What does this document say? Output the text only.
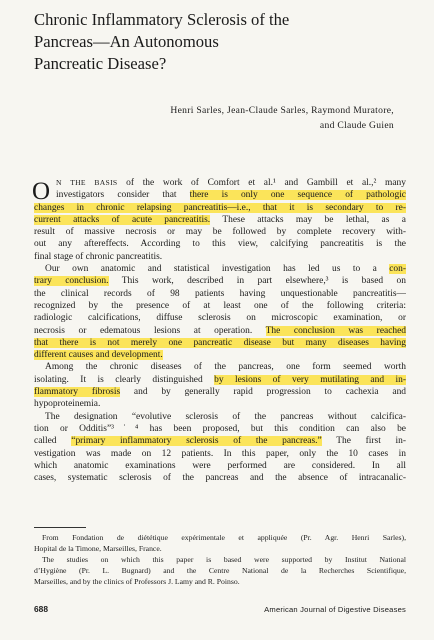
Chronic Inflammatory Sclerosis of the
Pancreas—An Autonomous
Pancreatic Disease?
Henri Sarles, Jean-Claude Sarles, Raymond Muratore,
and Claude Guien
O N THE BASIS of the work of Comfort et al.¹ and Gambill et al.,² many
investigators consider that there is only one sequence of pathologic
changes in chronic relapsing pancreatitis—i.e., that it is secondary to re-
current attacks of acute pancreatitis. These attacks may be lethal, as a
result of massive necrosis or may be followed by complete recovery with-
out any aftereffects. According to this view, calcifying pancreatitis is the
final stage of chronic pancreatitis.
Our own anatomic and statistical investigation has led us to a con-
trary conclusion. This work, described in part elsewhere,³ is based on
the clinical records of 98 patients having unquestionable pancreatitis—
recognized by the presence of at least one of the following criteria:
radiologic calcifications, diffuse sclerosis on microscopic examination, or
necrosis or edematous lesions at operation. The conclusion was reached
that there is not merely one pancreatic disease but many diseases having
different causes and development.
Among the chronic diseases of the pancreas, one form seemed worth
isolating. It is clearly distinguished by lesions of very mutilating and in-
flammatory fibrosis and by generally rapid progression to cachexia and
hypoproteinemia.
The designation “evolutive sclerosis of the pancreas without calcifica-
tion or Odditis”³˙⁴ has been proposed, but this condition can also be
called “primary inflammatory sclerosis of the pancreas.” The first in-
vestigation was made on 12 patients. In this paper, only the 10 cases in
which anatomic examinations were performed are considered. In all
cases, systematic sclerosis of the pancreas and the absence of intracanalic-
From Fondation de diététique expérimentale et appliquée (Pr. Agr. Henri Sarles),
Hopital de la Timone, Marseilles, France.
The studies on which this paper is based were supported by Institut National
d’Hygiène (Pr. L. Bugnard) and the Centre National de la Recherches Scientifique,
Marseilles, and by the clinics of Professors J. Lamy and R. Poinso.
688	American Journal of Digestive Diseases
